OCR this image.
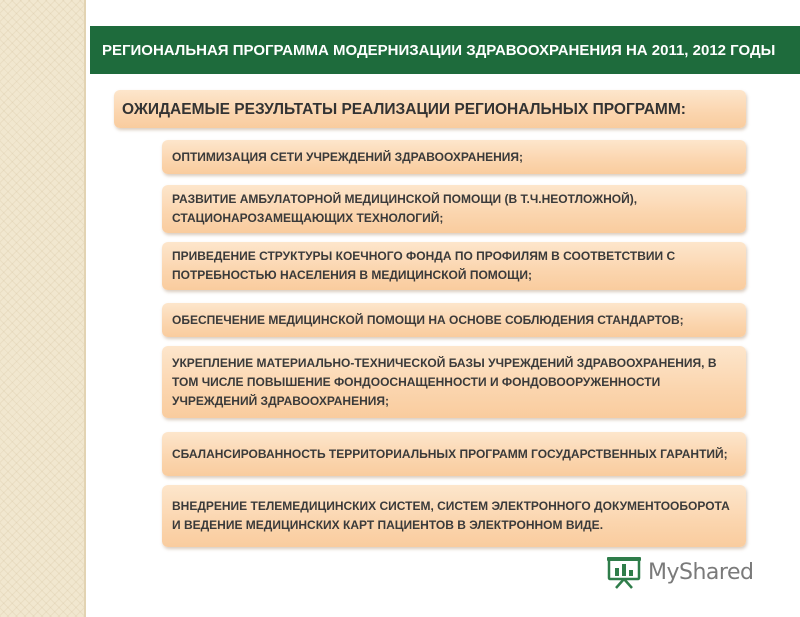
РЕГИОНАЛЬНАЯ ПРОГРАММА МОДЕРНИЗАЦИИ ЗДРАВООХРАНЕНИЯ НА 2011, 2012 ГОДЫ
ОЖИДАЕМЫЕ РЕЗУЛЬТАТЫ РЕАЛИЗАЦИИ РЕГИОНАЛЬНЫХ ПРОГРАММ:
ОПТИМИЗАЦИЯ СЕТИ УЧРЕЖДЕНИЙ ЗДРАВООХРАНЕНИЯ;
РАЗВИТИЕ АМБУЛАТОРНОЙ МЕДИЦИНСКОЙ ПОМОЩИ (В Т.Ч.НЕОТЛОЖНОЙ), СТАЦИОНАРОЗАМЕЩАЮЩИХ ТЕХНОЛОГИЙ;
ПРИВЕДЕНИЕ СТРУКТУРЫ КОЕЧНОГО ФОНДА ПО ПРОФИЛЯМ В СООТВЕТСТВИИ С ПОТРЕБНОСТЬЮ НАСЕЛЕНИЯ В МЕДИЦИНСКОЙ ПОМОЩИ;
ОБЕСПЕЧЕНИЕ МЕДИЦИНСКОЙ ПОМОЩИ НА ОСНОВЕ СОБЛЮДЕНИЯ СТАНДАРТОВ;
УКРЕПЛЕНИЕ МАТЕРИАЛЬНО-ТЕХНИЧЕСКОЙ БАЗЫ УЧРЕЖДЕНИЙ ЗДРАВООХРАНЕНИЯ, В ТОМ ЧИСЛЕ ПОВЫШЕНИЕ ФОНДООСНАЩЕННОСТИ И ФОНДОВООРУЖЕННОСТИ УЧРЕЖДЕНИЙ ЗДРАВООХРАНЕНИЯ;
СБАЛАНСИРОВАННОСТЬ ТЕРРИТОРИАЛЬНЫХ ПРОГРАММ ГОСУДАРСТВЕННЫХ ГАРАНТИЙ;
ВНЕДРЕНИЕ ТЕЛЕМЕДИЦИНСКИХ СИСТЕМ, СИСТЕМ ЭЛЕКТРОННОГО ДОКУМЕНТООБОРОТА И ВЕДЕНИЕ МЕДИЦИНСКИХ КАРТ ПАЦИЕНТОВ В ЭЛЕКТРОННОМ ВИДЕ.
MyShared
